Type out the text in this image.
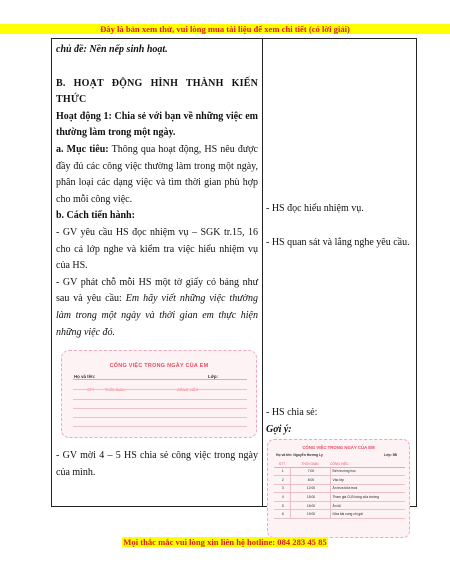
Đây là bản xem thử, vui lòng mua tài liệu để xem chi tiết (có lời giải)

chủ đề: Nền nếp sinh hoạt.

B. HOẠT ĐỘNG HÌNH THÀNH KIẾN THỨC

Hoạt động 1: Chia sẻ với bạn về những việc em thường làm trong một ngày.

a. Mục tiêu: Thông qua hoạt động, HS nêu được đầy đủ các công việc thường làm trong một ngày, phân loại các dạng việc và tìm thời gian phù hợp cho mỗi công việc.

b. Cách tiến hành:

- GV yêu cầu HS đọc nhiệm vụ – SGK tr.15, 16 cho cả lớp nghe và kiểm tra việc hiểu nhiệm vụ của HS.

- GV phát chỗ mỗi HS một tờ giấy có bảng như sau và yêu cầu: Em hãy viết những việc thường làm trong một ngày và thời gian em thực hiện những việc đó.

CÔNG VIỆC TRONG NGÀY CỦA EM
Họ và tên:	Lớp:
STT	THỜI GIAN	CÔNG VIỆC

- GV mời 4 – 5 HS chia sẻ công việc trong ngày của mình.

- HS đọc hiểu nhiệm vụ.
- HS quan sát và lắng nghe yêu cầu.
- HS chia sẻ:
Gợi ý:
CÔNG VIỆC TRONG NGÀY CỦA EM
Họ và tên: Nguyễn Hương Ly	Lớp: 9B
STT	THỜI GIAN	CÔNG VIỆC
1	7:00	Đến trường học
2	8:00	Vào lớp
3	12:00	Ăn trưa bữa trưa
4	15:00	Tham gia CLB bóng của trường
5	18:00	Ăn tối
6	19:00	Nửa bài cung chị gái
Mọi thắc mắc vui lòng xin liên hệ hotline: 084 283 45 85
